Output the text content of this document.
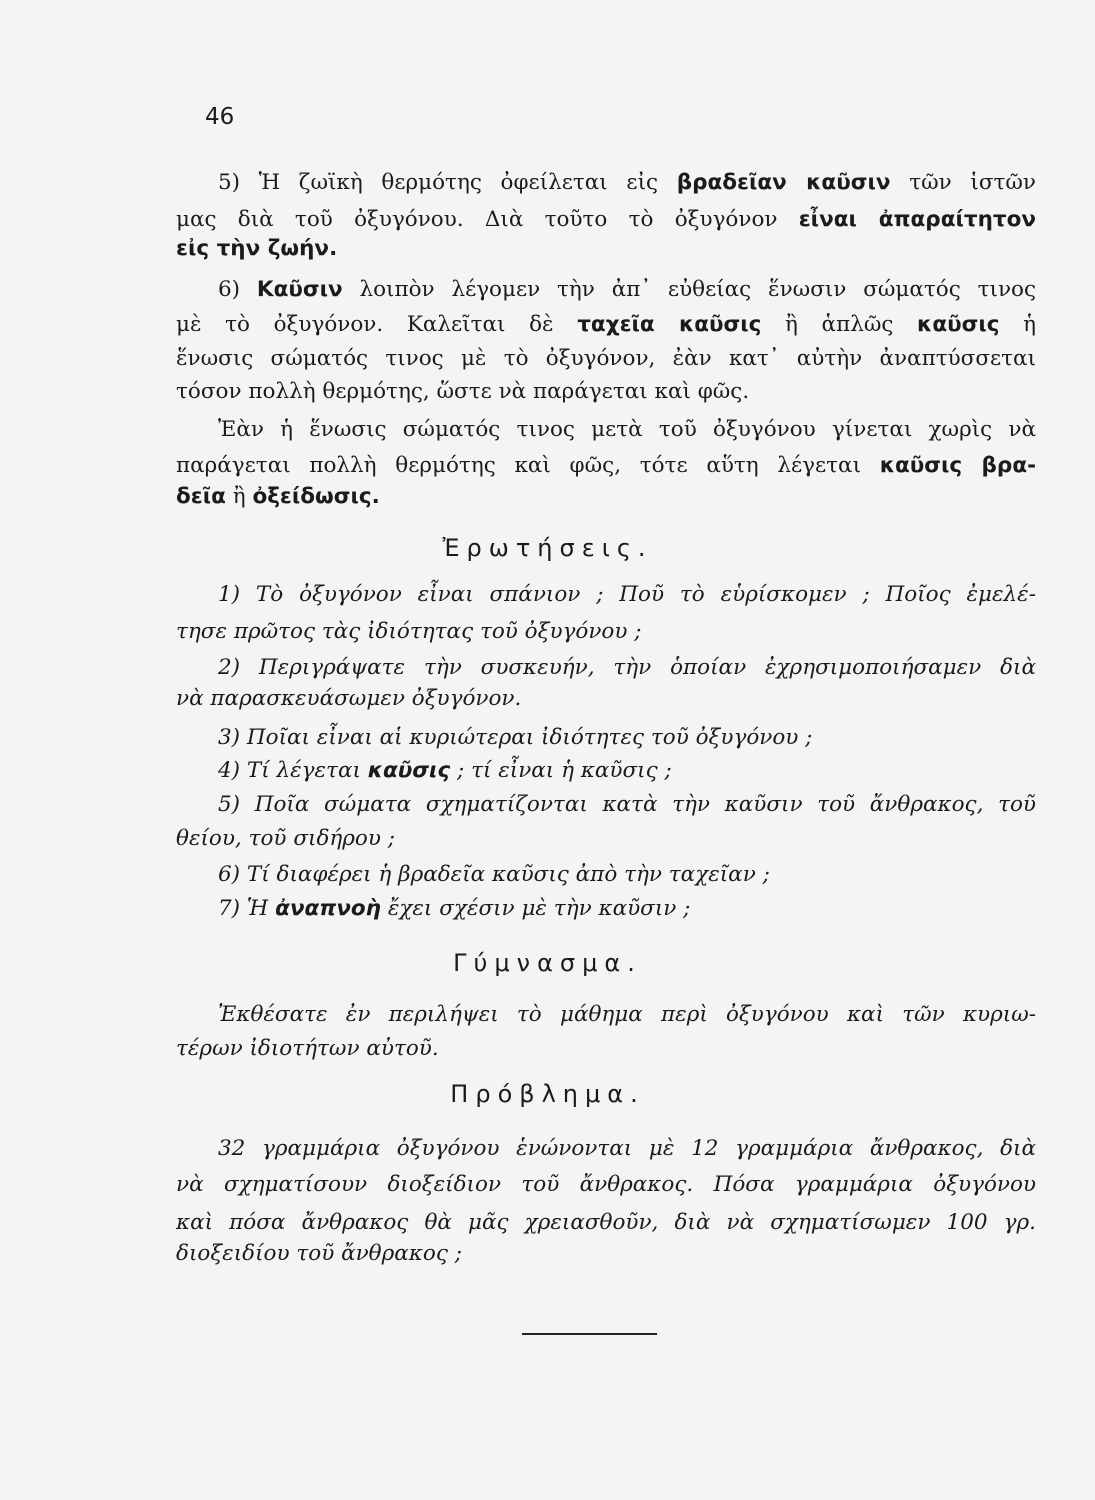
46
5) Ἡ ζωϊκὴ θερμότης ὀφείλεται εἰς βραδεῖαν καῦσιν τῶν ἱστῶν
μας διὰ τοῦ ὀξυγόνου. Διὰ τοῦτο τὸ ὀξυγόνον εἶναι ἀπαραίτητον
εἰς τὴν ζωήν.
6) Καῦσιν λοιπὸν λέγομεν τὴν ἀπ᾽ εὐθείας ἕνωσιν σώματός τινος
μὲ τὸ ὀξυγόνον. Καλεῖται δὲ ταχεῖα καῦσις ἢ ἁπλῶς καῦσις ἡ
ἕνωσις σώματός τινος μὲ τὸ ὀξυγόνον, ἐὰν κατ᾽ αὐτὴν ἀναπτύσσεται
τόσον πολλὴ θερμότης, ὥστε νὰ παράγεται καὶ φῶς.
Ἐὰν ἡ ἕνωσις σώματός τινος μετὰ τοῦ ὀξυγόνου γίνεται χωρὶς νὰ
παράγεται πολλὴ θερμότης καὶ φῶς, τότε αὕτη λέγεται καῦσις βρα-
δεῖα ἢ ὀξείδωσις.
Ἐρωτήσεις.
1) Τὸ ὀξυγόνον εἶναι σπάνιον ; Ποῦ τὸ εὑρίσκομεν ; Ποῖος ἐμελέ-
τησε πρῶτος τὰς ἰδιότητας τοῦ ὀξυγόνου ;
2) Περιγράψατε τὴν συσκευήν, τὴν ὁποίαν ἐχρησιμοποιήσαμεν διὰ
νὰ παρασκευάσωμεν ὀξυγόνον.
3) Ποῖαι εἶναι αἱ κυριώτεραι ἰδιότητες τοῦ ὀξυγόνου ;
4) Τί λέγεται καῦσις ; τί εἶναι ἡ καῦσις ;
5) Ποῖα σώματα σχηματίζονται κατὰ τὴν καῦσιν τοῦ ἄνθρακος, τοῦ
θείου, τοῦ σιδήρου ;
6) Τί διαφέρει ἡ βραδεῖα καῦσις ἀπὸ τὴν ταχεῖαν ;
7) Ἡ ἀναπνοὴ ἔχει σχέσιν μὲ τὴν καῦσιν ;
Γύμνασμα.
Ἐκθέσατε ἐν περιλήψει τὸ μάθημα περὶ ὀξυγόνου καὶ τῶν κυριω-
τέρων ἰδιοτήτων αὐτοῦ.
Πρόβλημα.
32 γραμμάρια ὀξυγόνου ἑνώνονται μὲ 12 γραμμάρια ἄνθρακος, διὰ
νὰ σχηματίσουν διοξείδιον τοῦ ἄνθρακος. Πόσα γραμμάρια ὀξυγόνου
καὶ πόσα ἄνθρακος θὰ μᾶς χρειασθοῦν, διὰ νὰ σχηματίσωμεν 100 γρ.
διοξειδίου τοῦ ἄνθρακος ;
